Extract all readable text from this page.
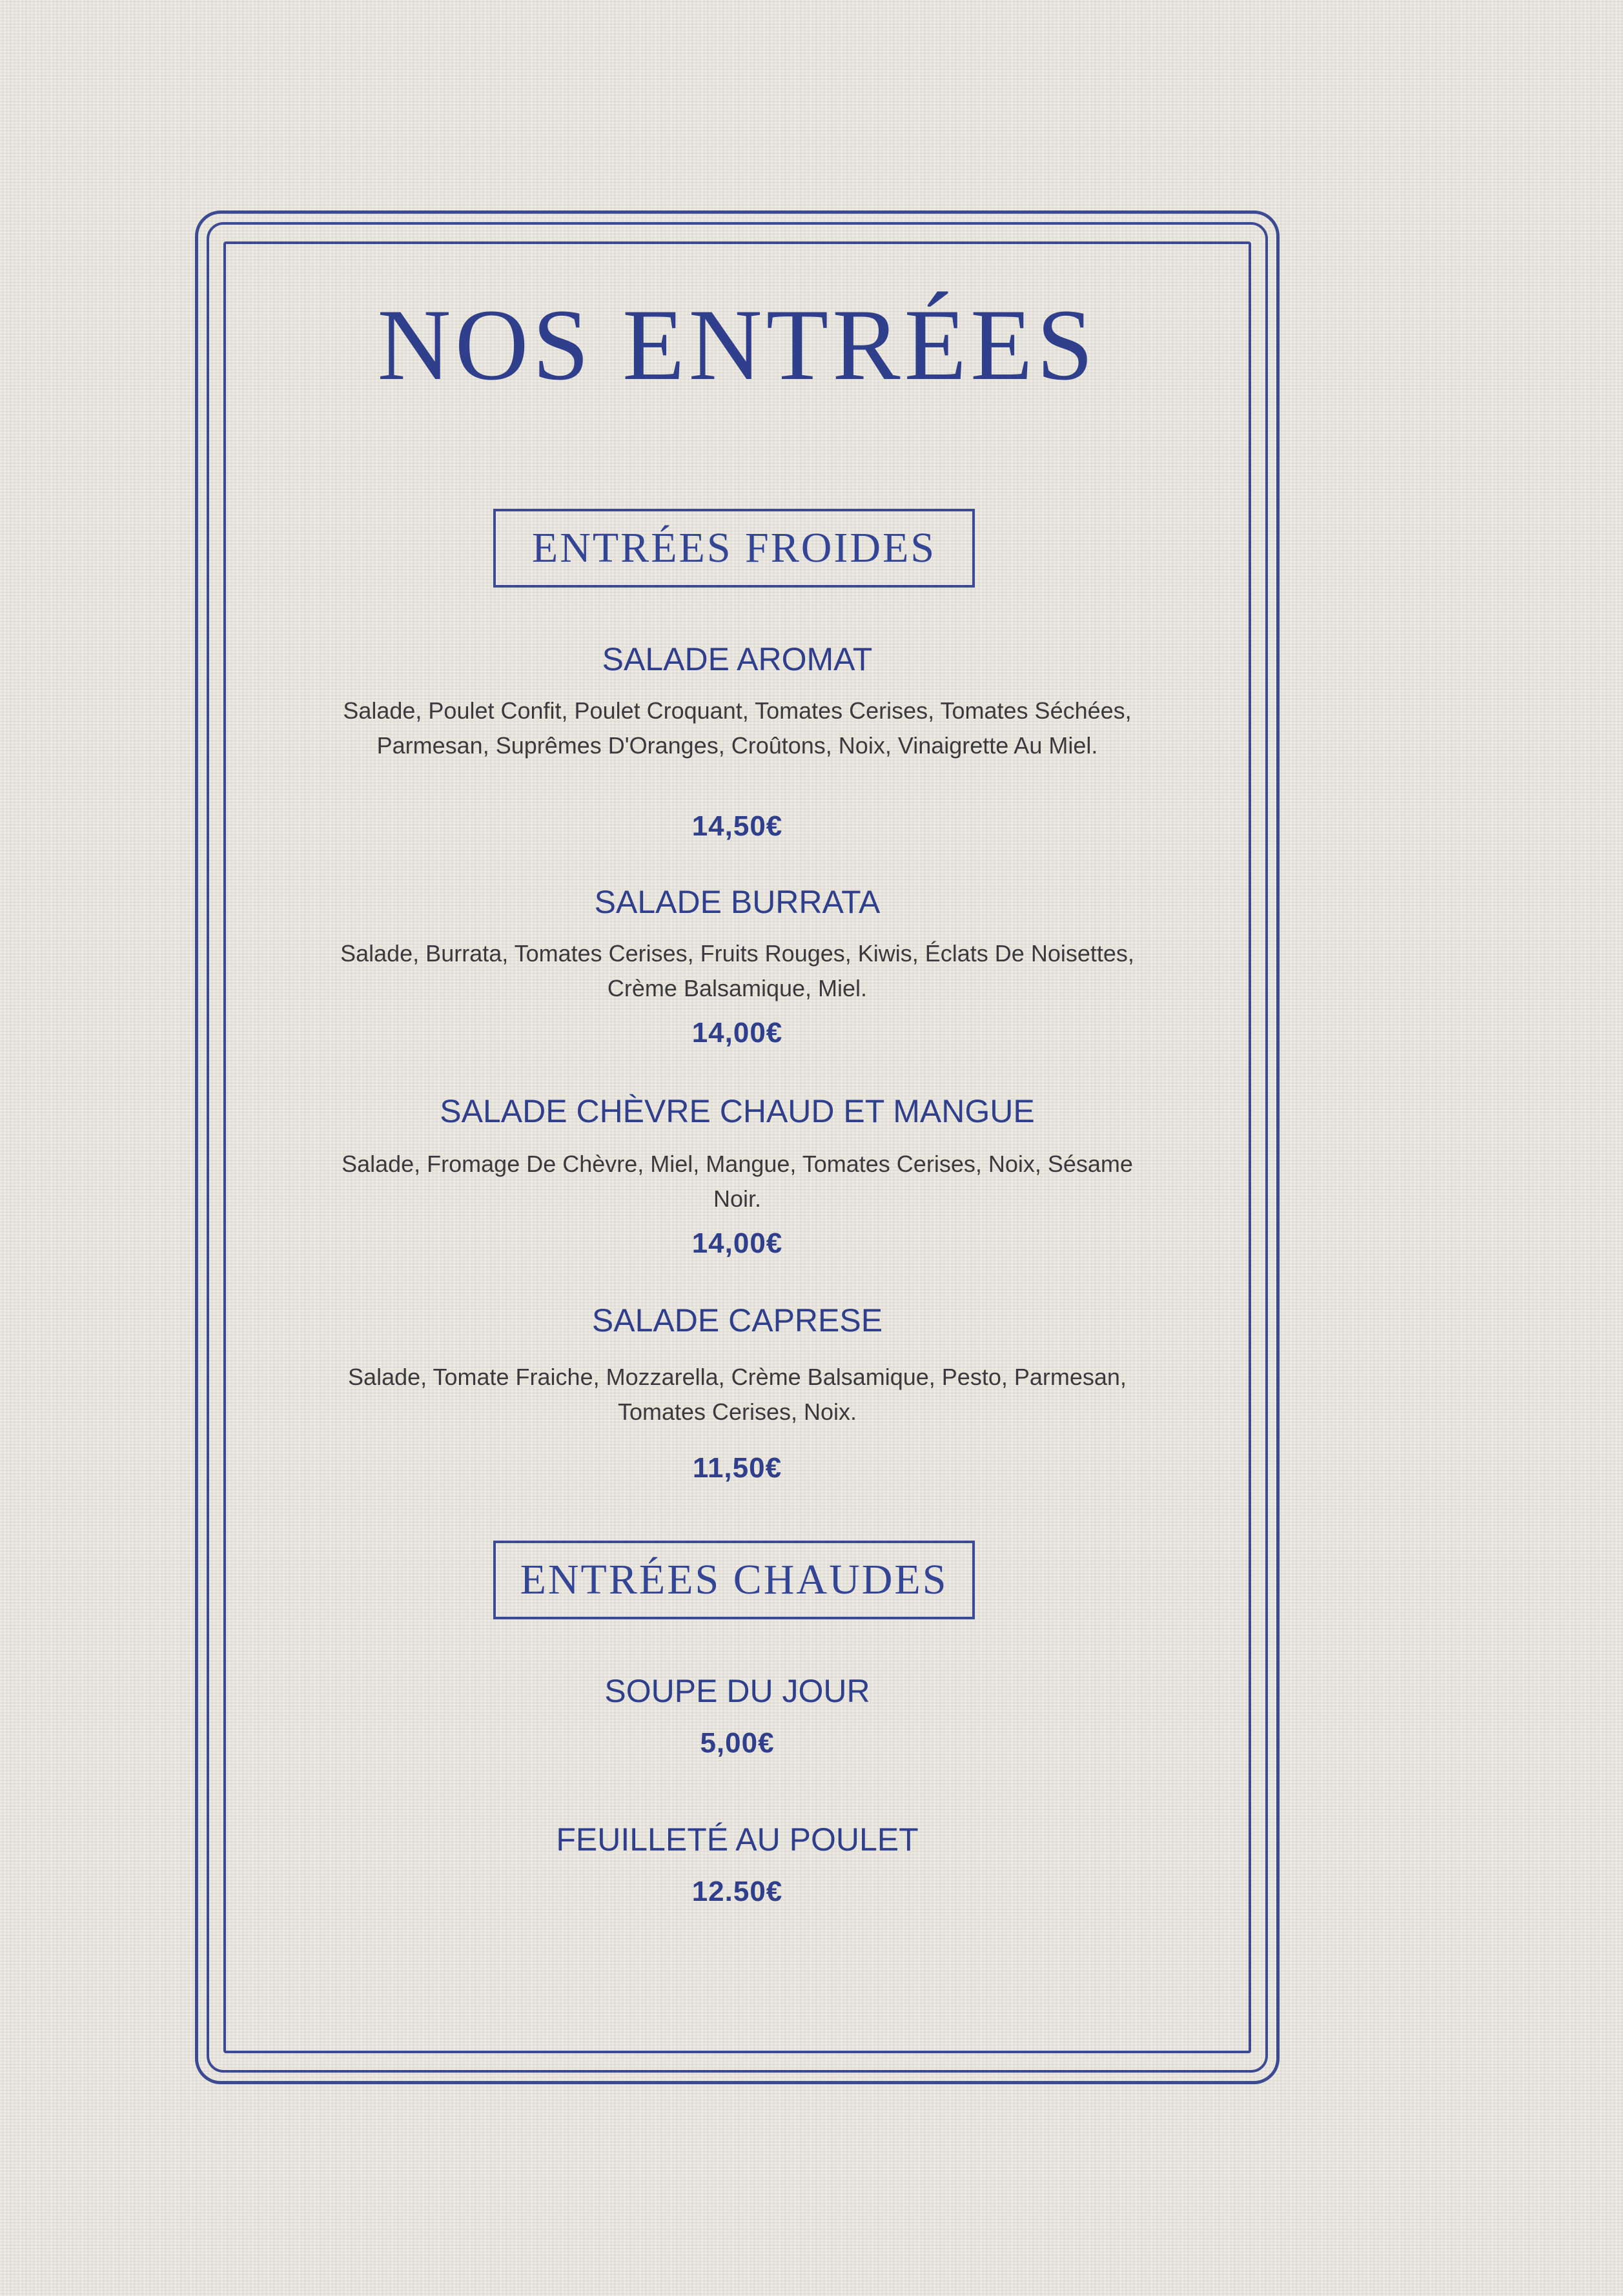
NOS ENTRÉES
ENTRÉES FROIDES
SALADE AROMAT
Salade, Poulet Confit, Poulet Croquant, Tomates Cerises, Tomates Séchées, Parmesan, Suprêmes D'Oranges, Croûtons, Noix, Vinaigrette Au Miel.
14,50€
SALADE BURRATA
Salade, Burrata, Tomates Cerises, Fruits Rouges, Kiwis, Éclats De Noisettes, Crème Balsamique, Miel.
14,00€
SALADE CHÈVRE CHAUD ET MANGUE
Salade, Fromage De Chèvre, Miel, Mangue, Tomates Cerises, Noix, Sésame Noir.
14,00€
SALADE CAPRESE
Salade, Tomate Fraiche, Mozzarella, Crème Balsamique, Pesto, Parmesan, Tomates Cerises, Noix.
11,50€
ENTRÉES CHAUDES
SOUPE DU JOUR
5,00€
FEUILLETÉ AU POULET
12.50€
